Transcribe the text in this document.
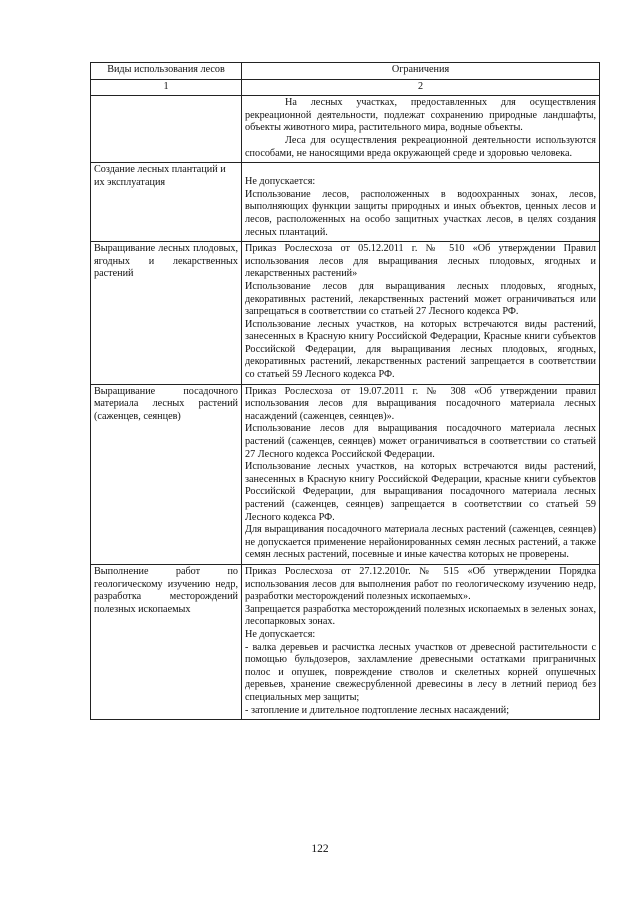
Виды использования лесов	Ограничения
1	2

	На лесных участках, предоставленных для осуществления рекреационной деятельности, подлежат сохранению природные ландшафты, объекты животного мира, растительного мира, водные объекты.

Леса для осуществления рекреационной деятельности используются способами, не наносящими вреда окружающей среде и здоровью человека.

Создание лесных плантаций и их эксплуатация	Не допускается:

Использование лесов, расположенных в водоохранных зонах, лесов, выполняющих функции защиты природных и иных объектов, ценных лесов и лесов, расположенных на особо защитных участках лесов, в целях создания лесных плантаций.

Выращивание лесных плодовых, ягодных и лекарственных растений	Приказ Рослесхоза от 05.12.2011 г. № 510 «Об утверждении Правил использования лесов для выращивания лесных плодовых, ягодных и лекарственных растений»

Использование лесов для выращивания лесных плодовых, ягодных, декоративных растений, лекарственных растений может ограничиваться или запрещаться в соответствии со статьей 27 Лесного кодекса РФ.

Использование лесных участков, на которых встречаются виды растений, занесенных в Красную книгу Российской Федерации, Красные книги субъектов Российской Федерации, для выращивания лесных плодовых, ягодных, декоративных растений, лекарственных растений запрещается в соответствии со статьей 59 Лесного кодекса РФ.

Выращивание посадочного материала лесных растений (саженцев, сеянцев)	Приказ Рослесхоза от 19.07.2011 г. № 308 «Об утверждении правил использования лесов для выращивания посадочного материала лесных насаждений (саженцев, сеянцев)».

Использование лесов для выращивания посадочного материала лесных растений (саженцев, сеянцев) может ограничиваться в соответствии со статьей 27 Лесного кодекса Российской Федерации.

Использование лесных участков, на которых встречаются виды растений, занесенных в Красную книгу Российской Федерации, красные книги субъектов Российской Федерации, для выращивания посадочного материала лесных растений (саженцев, сеянцев) запрещается в соответствии со статьей 59 Лесного кодекса РФ.

Для выращивания посадочного материала лесных растений (саженцев, сеянцев) не допускается применение нерайонированных семян лесных растений, а также семян лесных растений, посевные и иные качества которых не проверены.

Выполнение работ по геологическому изучению недр, разработка месторождений полезных ископаемых	Приказ Рослесхоза от 27.12.2010г. № 515 «Об утверждении Порядка использования лесов для выполнения работ по геологическому изучению недр, разработки месторождений полезных ископаемых».

Запрещается разработка месторождений полезных ископаемых в зеленых зонах, лесопарковых зонах.

Не допускается:

- валка деревьев и расчистка лесных участков от древесной растительности с помощью бульдозеров, захламление древесными остатками приграничных полос и опушек, повреждение стволов и скелетных корней опушечных деревьев, хранение свежесрубленной древесины в лесу в летний период без специальных мер защиты;

- затопление и длительное подтопление лесных насаждений;

122
